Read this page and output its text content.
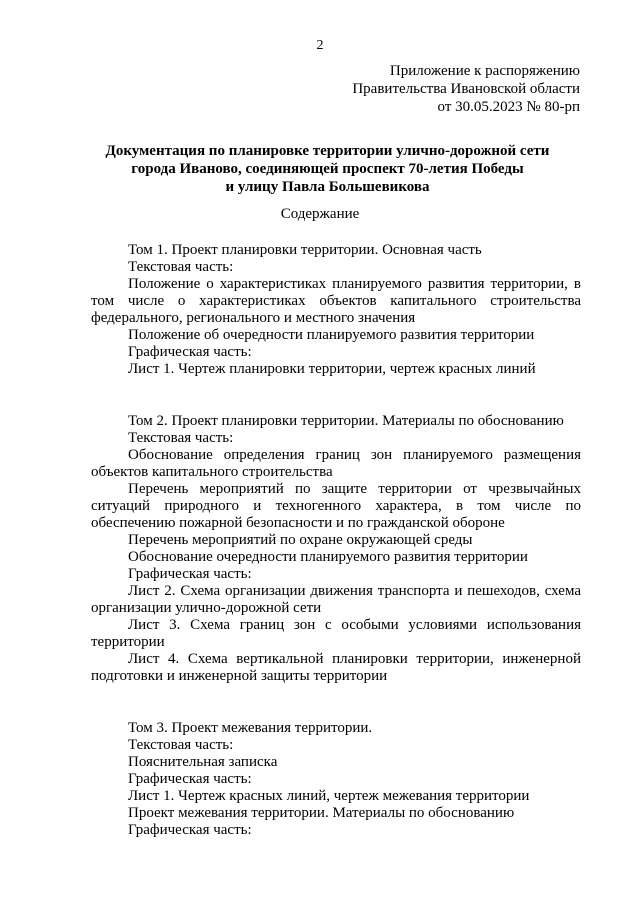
2
Приложение к распоряжению
Правительства Ивановской области
от 30.05.2023 № 80-рп
Документация по планировке территории улично-дорожной сети
города Иваново, соединяющей проспект 70-летия Победы
и улицу Павла Большевикова
Содержание

Том 1. Проект планировки территории. Основная часть

Текстовая часть:

Положение о характеристиках планируемого развития территории, в том числе о характеристиках объектов капитального строительства федерального, регионального и местного значения

Положение об очередности планируемого развития территории

Графическая часть:

Лист 1. Чертеж планировки территории, чертеж красных линий

Том 2. Проект планировки территории. Материалы по обоснованию

Текстовая часть:

Обоснование определения границ зон планируемого размещения объектов капитального строительства

Перечень мероприятий по защите территории от чрезвычайных ситуаций природного и техногенного характера, в том числе по обеспечению пожарной безопасности и по гражданской обороне

Перечень мероприятий по охране окружающей среды

Обоснование очередности планируемого развития территории

Графическая часть:

Лист 2. Схема организации движения транспорта и пешеходов, схема организации улично-дорожной сети

Лист 3. Схема границ зон с особыми условиями использования территории

Лист 4. Схема вертикальной планировки территории, инженерной подготовки и инженерной защиты территории

Том 3. Проект межевания территории.

Текстовая часть:

Пояснительная записка

Графическая часть:

Лист 1. Чертеж красных линий, чертеж межевания территории

Проект межевания территории. Материалы по обоснованию

Графическая часть:
